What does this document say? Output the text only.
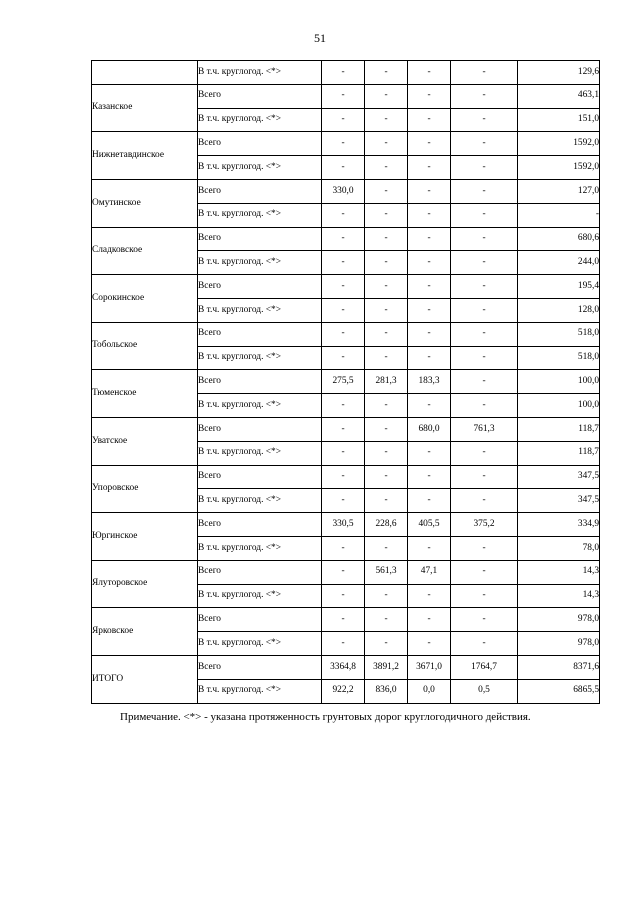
51
	В т.ч. круглогод. <*>	-	-	-	-	129,6
Казанское	Всего	-	-	-	-	463,1
	В т.ч. круглогод. <*>	-	-	-	-	151,0
Нижнетавдинское	Всего	-	-	-	-	1592,0
	В т.ч. круглогод. <*>	-	-	-	-	1592,0
Омутинское	Всего	330,0	-	-	-	127,0
	В т.ч. круглогод. <*>	-	-	-	-	-
Сладковское	Всего	-	-	-	-	680,6
	В т.ч. круглогод. <*>	-	-	-	-	244,0
Сорокинское	Всего	-	-	-	-	195,4
	В т.ч. круглогод. <*>	-	-	-	-	128,0
Тобольское	Всего	-	-	-	-	518,0
	В т.ч. круглогод. <*>	-	-	-	-	518,0
Тюменское	Всего	275,5	281,3	183,3	-	100,0
	В т.ч. круглогод. <*>	-	-	-	-	100,0
Уватское	Всего	-	-	680,0	761,3	118,7
	В т.ч. круглогод. <*>	-	-	-	-	118,7
Упоровское	Всего	-	-	-	-	347,5
	В т.ч. круглогод. <*>	-	-	-	-	347,5
Юргинское	Всего	330,5	228,6	405,5	375,2	334,9
	В т.ч. круглогод. <*>	-	-	-	-	78,0
Ялуторовское	Всего	-	561,3	47,1	-	14,3
	В т.ч. круглогод. <*>	-	-	-	-	14,3
Ярковское	Всего	-	-	-	-	978,0
	В т.ч. круглогод. <*>	-	-	-	-	978,0
ИТОГО	Всего	3364,8	3891,2	3671,0	1764,7	8371,6
	В т.ч. круглогод. <*>	922,2	836,0	0,0	0,5	6865,5
Примечание. <*> - указана протяженность грунтовых дорог круглогодичного действия.
